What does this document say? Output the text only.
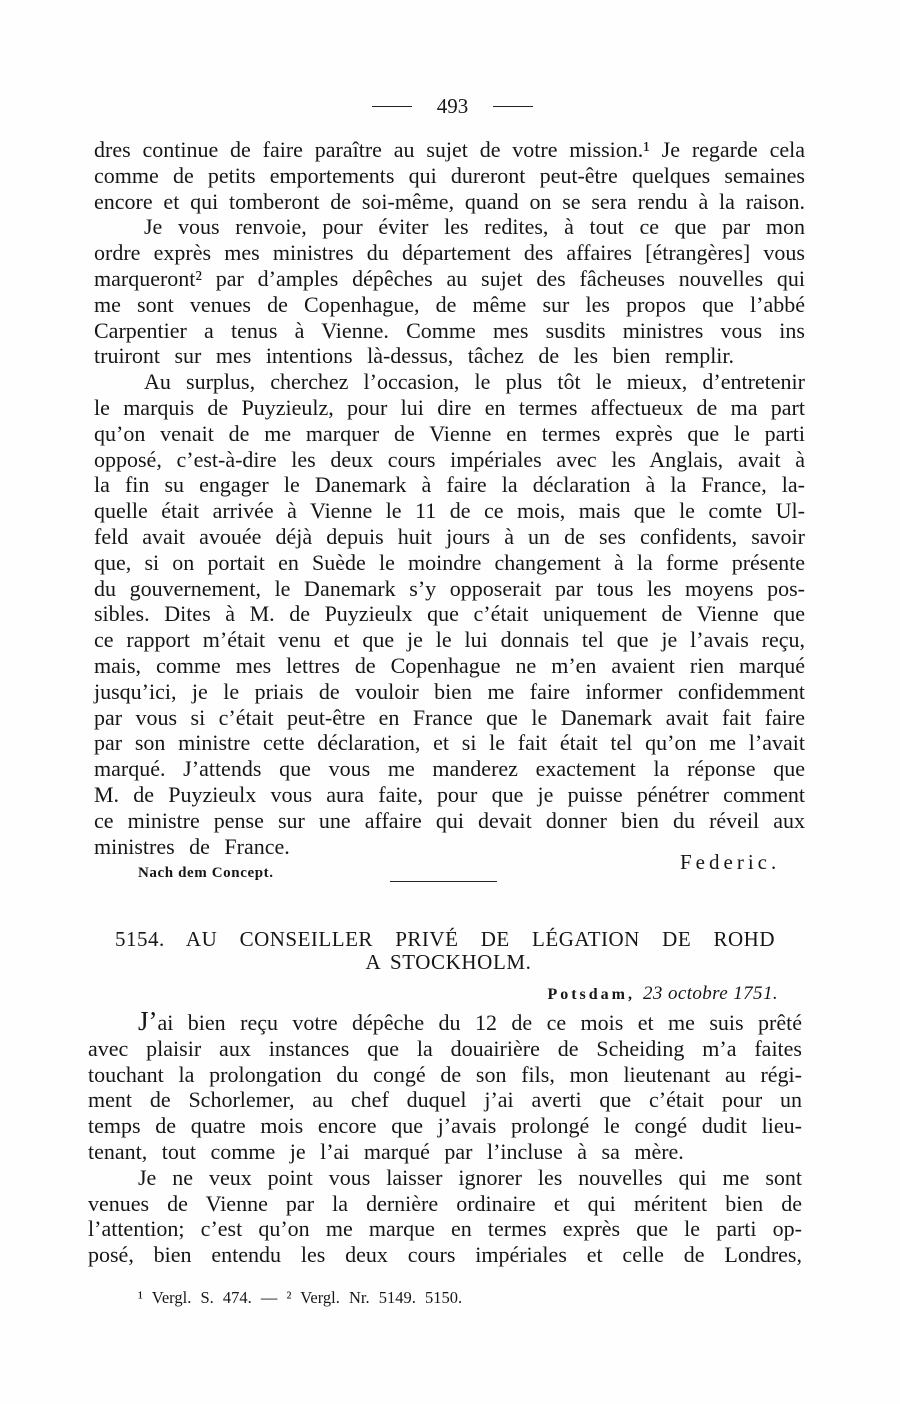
493
dres continue de faire paraître au sujet de votre mission.¹ Je regarde cela
comme de petits emportements qui dureront peut-être quelques semaines
encore et qui tomberont de soi-même, quand on se sera rendu à la raison.
Je vous renvoie, pour éviter les redites, à tout ce que par mon
ordre exprès mes ministres du département des affaires [étrangères] vous
marqueront² par d’amples dépêches au sujet des fâcheuses nouvelles qui
me sont venues de Copenhague, de même sur les propos que l’abbé
Carpentier a tenus à Vienne. Comme mes susdits ministres vous ins
truiront sur mes intentions là-dessus, tâchez de les bien remplir.
Au surplus, cherchez l’occasion, le plus tôt le mieux, d’entretenir
le marquis de Puyzieulz, pour lui dire en termes affectueux de ma part
qu’on venait de me marquer de Vienne en termes exprès que le parti
opposé, c’est-à-dire les deux cours impériales avec les Anglais, avait à
la fin su engager le Danemark à faire la déclaration à la France, la-
quelle était arrivée à Vienne le 11 de ce mois, mais que le comte Ul-
feld avait avouée déjà depuis huit jours à un de ses confidents, savoir
que, si on portait en Suède le moindre changement à la forme présente
du gouvernement, le Danemark s’y opposerait par tous les moyens pos-
sibles. Dites à M. de Puyzieulx que c’était uniquement de Vienne que
ce rapport m’était venu et que je le lui donnais tel que je l’avais reçu,
mais, comme mes lettres de Copenhague ne m’en avaient rien marqué
jusqu’ici, je le priais de vouloir bien me faire informer confidemment
par vous si c’était peut-être en France que le Danemark avait fait faire
par son ministre cette déclaration, et si le fait était tel qu’on me l’avait
marqué. J’attends que vous me manderez exactement la réponse que
M. de Puyzieulx vous aura faite, pour que je puisse pénétrer comment
ce ministre pense sur une affaire qui devait donner bien du réveil aux
ministres de France.
Federic.
Nach dem Concept.
5154. AU CONSEILLER PRIVÉ DE LÉGATION DE ROHD
A STOCKHOLM.
Potsdam, 23 octobre 1751.
J’ai bien reçu votre dépêche du 12 de ce mois et me suis prêté
avec plaisir aux instances que la douairière de Scheiding m’a faites
touchant la prolongation du congé de son fils, mon lieutenant au régi-
ment de Schorlemer, au chef duquel j’ai averti que c’était pour un
temps de quatre mois encore que j’avais prolongé le congé dudit lieu-
tenant, tout comme je l’ai marqué par l’incluse à sa mère.
Je ne veux point vous laisser ignorer les nouvelles qui me sont
venues de Vienne par la dernière ordinaire et qui méritent bien de
l’attention; c’est qu’on me marque en termes exprès que le parti op-
posé, bien entendu les deux cours impériales et celle de Londres,
¹ Vergl. S. 474. — ² Vergl. Nr. 5149. 5150.
